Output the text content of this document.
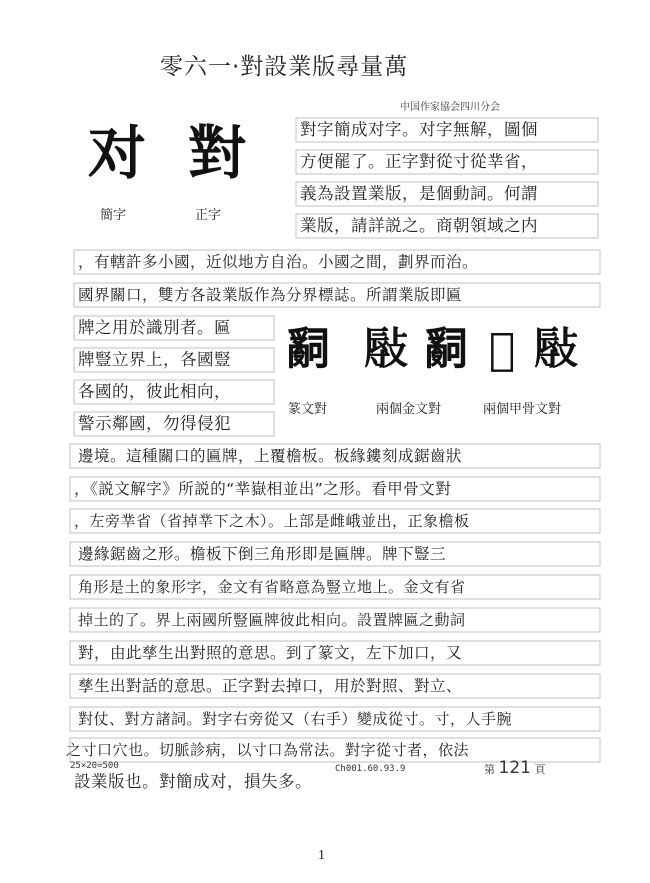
零六一·對設業版尋量萬
中国作家協会四川分会
对 對
簡字	正字
𤔲 𢾯 𤔲 𢽎 𢾯
篆文對	兩個金文對	兩個甲骨文對
對字簡成对字。对字無解，圖個
方便罷了。正字對從寸從丵省，
義為設置業版，是個動詞。何謂
業版，請詳説之。商朝領域之内
，有轄許多小國，近似地方自治。小國之間，劃界而治。
國界關口，雙方各設業版作為分界標誌。所謂業版即匾
牌之用於識別者。匾
牌豎立界上，各國豎
各國的，彼此相向，
警示鄰國，勿得侵犯
邊境。這種關口的匾牌，上覆檐板。板緣鏤刻成鋸齒狀
，《説文解字》所説的“丵嶽相並出”之形。看甲骨文對
，左旁丵省（省掉丵下之木）。上部是雌峨並出，正象檐板
邊緣鋸齒之形。檐板下倒三角形即是匾牌。牌下豎三
角形是土的象形字，金文有省略意為豎立地上。金文有省
掉土的了。界上兩國所豎匾牌彼此相向。設置牌匾之動詞
對，由此孳生出對照的意思。到了篆文，左下加口，又
孳生出對話的意思。正字對去掉口，用於對照、對立、
對仗、對方諸詞。對字右旁從又（右手）變成從寸。寸，人手腕
之寸口穴也。切脈診病，以寸口為常法。對字從寸者，依法
設業版也。對簡成对，損失多。
25×20=500	Ch001.60.93.9	第 121 頁
1
